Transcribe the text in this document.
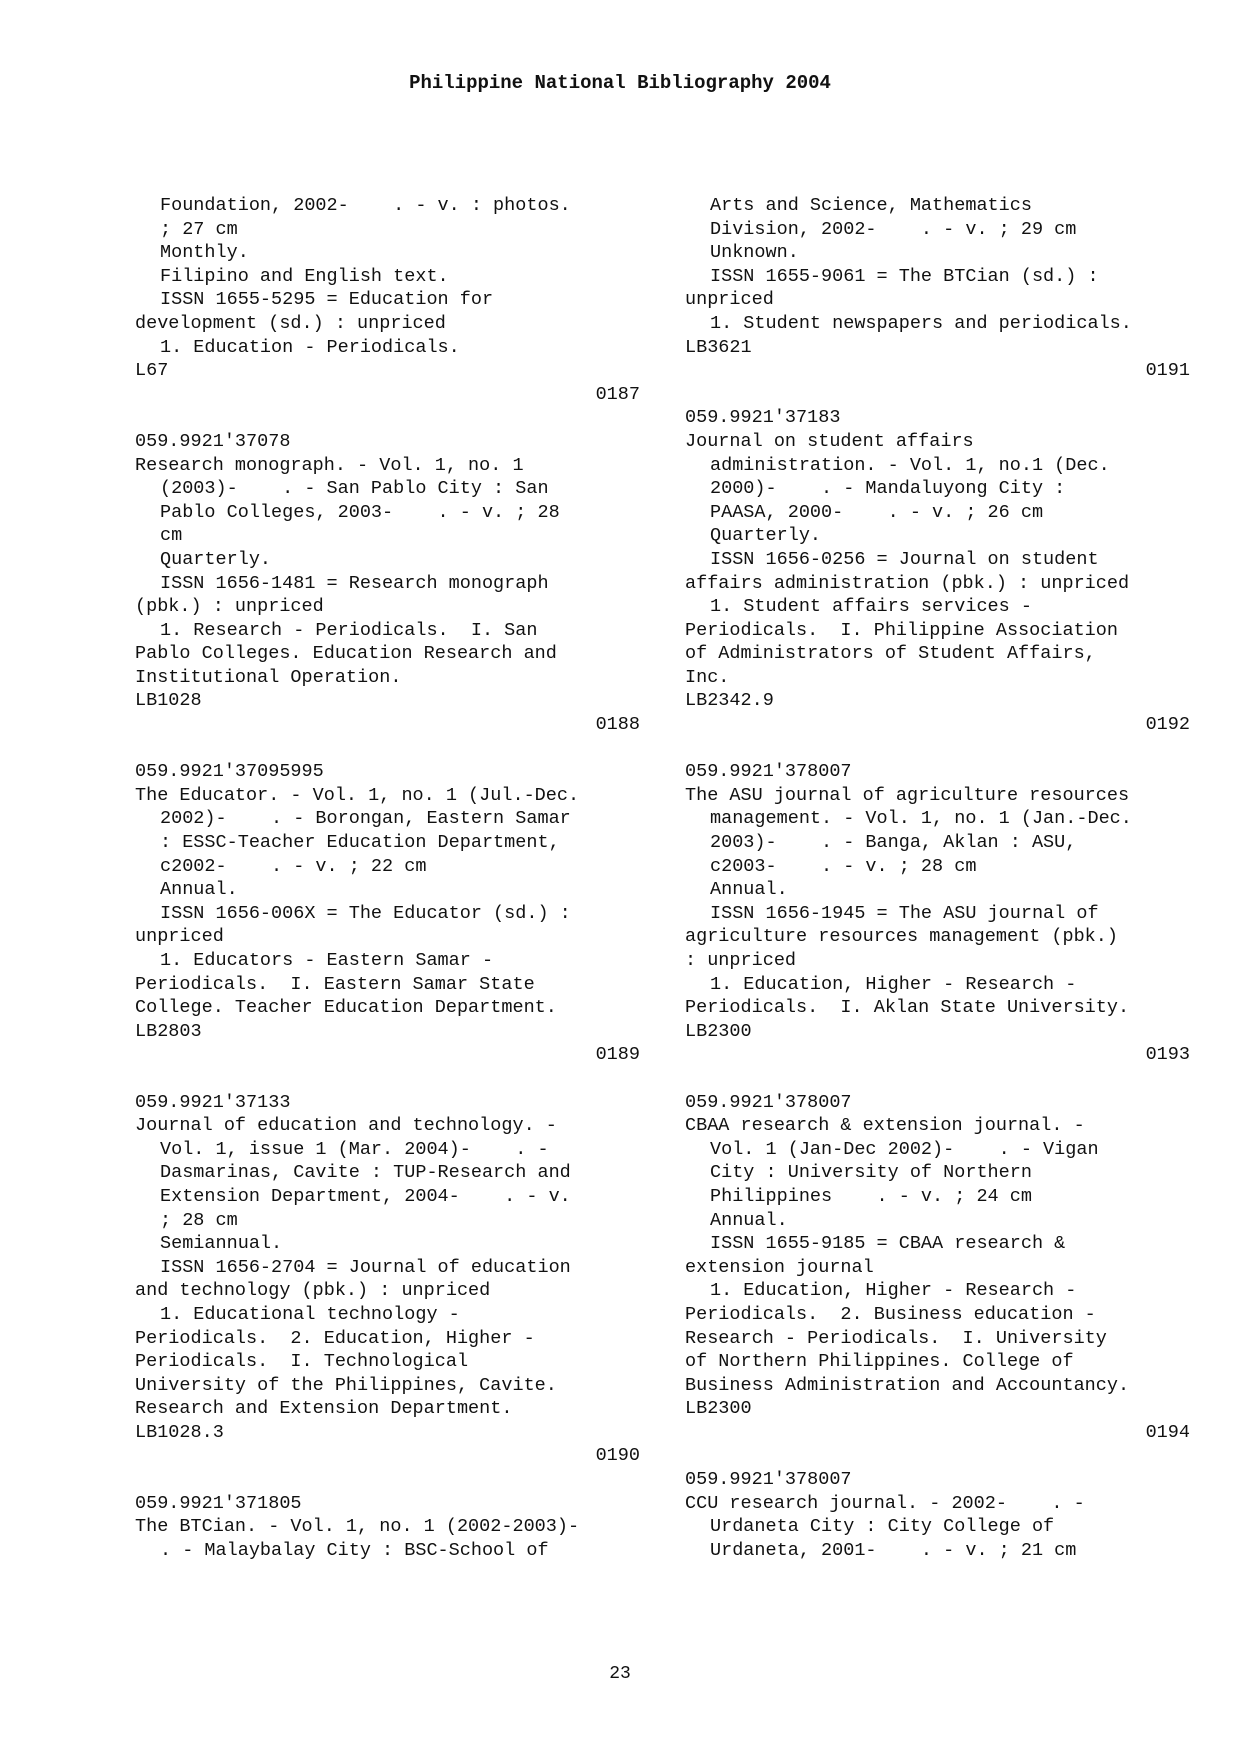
Philippine National Bibliography 2004
Foundation, 2002-    . - v. : photos.
; 27 cm
Monthly.
Filipino and English text.
ISSN 1655-5295 = Education for
development (sd.) : unpriced
1. Education - Periodicals.
L67
0187
059.9921'37078
Research monograph. - Vol. 1, no. 1
(2003)-    . - San Pablo City : San
Pablo Colleges, 2003-    . - v. ; 28
cm
Quarterly.
ISSN 1656-1481 = Research monograph
(pbk.) : unpriced
1. Research - Periodicals.  I. San
Pablo Colleges. Education Research and
Institutional Operation.
LB1028
0188
059.9921'37095995
The Educator. - Vol. 1, no. 1 (Jul.-Dec.
2002)-    . - Borongan, Eastern Samar
: ESSC-Teacher Education Department,
c2002-    . - v. ; 22 cm
Annual.
ISSN 1656-006X = The Educator (sd.) :
unpriced
1. Educators - Eastern Samar -
Periodicals.  I. Eastern Samar State
College. Teacher Education Department.
LB2803
0189
059.9921'37133
Journal of education and technology. -
Vol. 1, issue 1 (Mar. 2004)-    . -
Dasmarinas, Cavite : TUP-Research and
Extension Department, 2004-    . - v.
; 28 cm
Semiannual.
ISSN 1656-2704 = Journal of education
and technology (pbk.) : unpriced
1. Educational technology -
Periodicals.  2. Education, Higher -
Periodicals.  I. Technological
University of the Philippines, Cavite.
Research and Extension Department.
LB1028.3
0190
059.9921'371805
The BTCian. - Vol. 1, no. 1 (2002-2003)-
. - Malaybalay City : BSC-School of
Arts and Science, Mathematics
Division, 2002-    . - v. ; 29 cm
Unknown.
ISSN 1655-9061 = The BTCian (sd.) :
unpriced
1. Student newspapers and periodicals.
LB3621
0191
059.9921'37183
Journal on student affairs
administration. - Vol. 1, no.1 (Dec.
2000)-    . - Mandaluyong City :
PAASA, 2000-    . - v. ; 26 cm
Quarterly.
ISSN 1656-0256 = Journal on student
affairs administration (pbk.) : unpriced
1. Student affairs services -
Periodicals.  I. Philippine Association
of Administrators of Student Affairs,
Inc.
LB2342.9
0192
059.9921'378007
The ASU journal of agriculture resources
management. - Vol. 1, no. 1 (Jan.-Dec.
2003)-    . - Banga, Aklan : ASU,
c2003-    . - v. ; 28 cm
Annual.
ISSN 1656-1945 = The ASU journal of
agriculture resources management (pbk.)
: unpriced
1. Education, Higher - Research -
Periodicals.  I. Aklan State University.
LB2300
0193
059.9921'378007
CBAA research & extension journal. -
Vol. 1 (Jan-Dec 2002)-    . - Vigan
City : University of Northern
Philippines    . - v. ; 24 cm
Annual.
ISSN 1655-9185 = CBAA research &
extension journal
1. Education, Higher - Research -
Periodicals.  2. Business education -
Research - Periodicals.  I. University
of Northern Philippines. College of
Business Administration and Accountancy.
LB2300
0194
059.9921'378007
CCU research journal. - 2002-    . -
Urdaneta City : City College of
Urdaneta, 2001-    . - v. ; 21 cm
23
